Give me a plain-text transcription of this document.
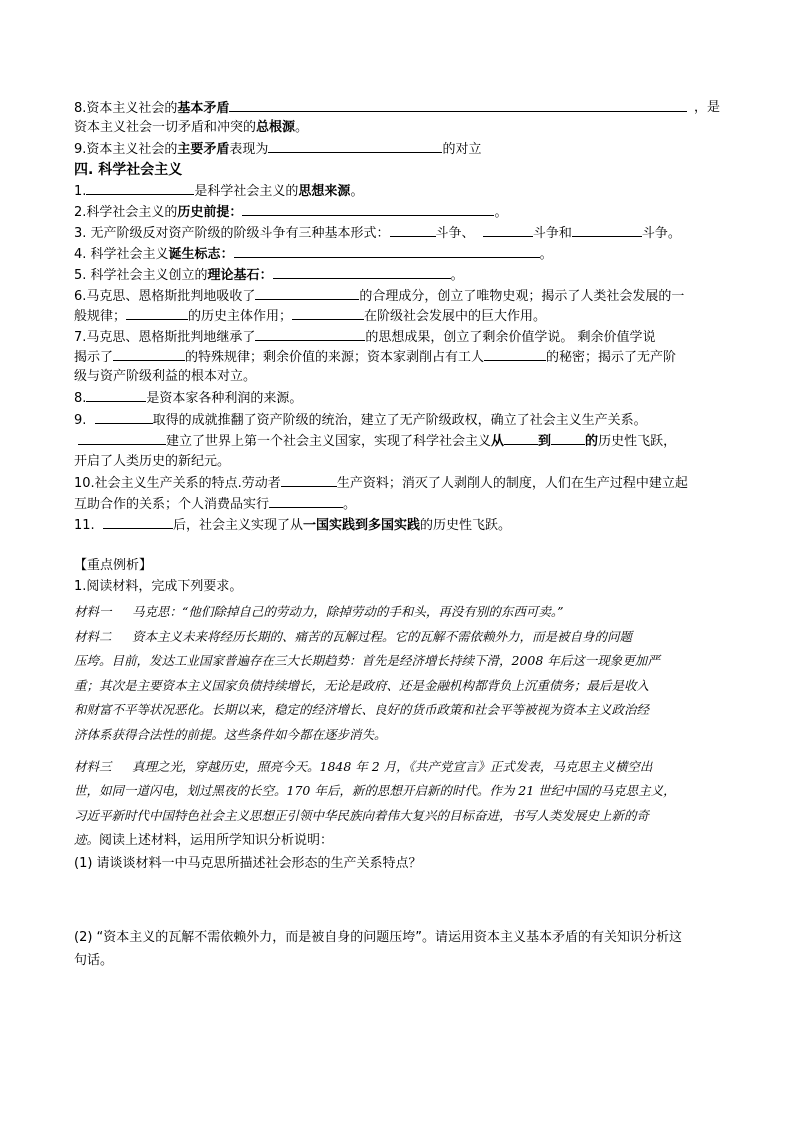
8.资本主义社会的基本矛盾	，是
资本主义社会一切矛盾和冲突的总根源。
9.资本主义社会的主要矛盾表现为	的对立
四. 科学社会主义
1.	是科学社会主义的思想来源。
2.科学社会主义的历史前提：	。
3. 无产阶级反对资产阶级的阶级斗争有三种基本形式：	斗争、	斗争和	斗争。
4. 科学社会主义诞生标志：	。
5. 科学社会主义创立的理论基石：	。
6.马克思、恩格斯批判地吸收了	的合理成分，创立了唯物史观；揭示了人类社会发展的一
般规律；	的历史主体作用；	在阶级社会发展中的巨大作用。
7.马克思、恩格斯批判地继承了	的思想成果，创立了剩余价值学说。 剩余价值学说
揭示了	的特殊规律；剩余价值的来源；资本家剥削占有工人	的秘密；揭示了无产阶
级与资产阶级利益的根本对立。
8.	是资本家各种利润的来源。
9.	取得的成就推翻了资产阶级的统治，建立了无产阶级政权，确立了社会主义生产关系。
建立了世界上第一个社会主义国家，实现了科学社会主义从	到	的历史性飞跃，
开启了人类历史的新纪元。
10.社会主义生产关系的特点.劳动者	生产资料；消灭了人剥削人的制度，人们在生产过程中建立起
互助合作的关系；个人消费品实行	。
11.	后，社会主义实现了从一国实践到多国实践的历史性飞跃。
【重点例析】
1.阅读材料，完成下列要求。
材料一 马克思：“他们除掉自己的劳动力，除掉劳动的手和头，再没有别的东西可卖。”
材料二 资本主义未来将经历长期的、痛苦的瓦解过程。它的瓦解不需依赖外力，而是被自身的问题
压垮。目前，发达工业国家普遍存在三大长期趋势：首先是经济增长持续下滑，2008 年后这一现象更加严
重；其次是主要资本主义国家负债持续增长，无论是政府、还是金融机构都背负上沉重债务；最后是收入
和财富不平等状况恶化。长期以来，稳定的经济增长、良好的货币政策和社会平等被视为资本主义政治经
济体系获得合法性的前提。这些条件如今都在逐步消失。
材料三 真理之光，穿越历史，照亮今天。1848 年 2 月，《共产党宣言》正式发表，马克思主义横空出
世，如同一道闪电，划过黑夜的长空。170 年后，新的思想开启新的时代。作为 21 世纪中国的马克思主义，
习近平新时代中国特色社会主义思想正引领中华民族向着伟大复兴的目标奋进，书写人类发展史上新的奇
迹。阅读上述材料，运用所学知识分析说明：
(1) 请谈谈材料一中马克思所描述社会形态的生产关系特点？
(2) “资本主义的瓦解不需依赖外力，而是被自身的问题压垮”。请运用资本主义基本矛盾的有关知识分析这
句话。
